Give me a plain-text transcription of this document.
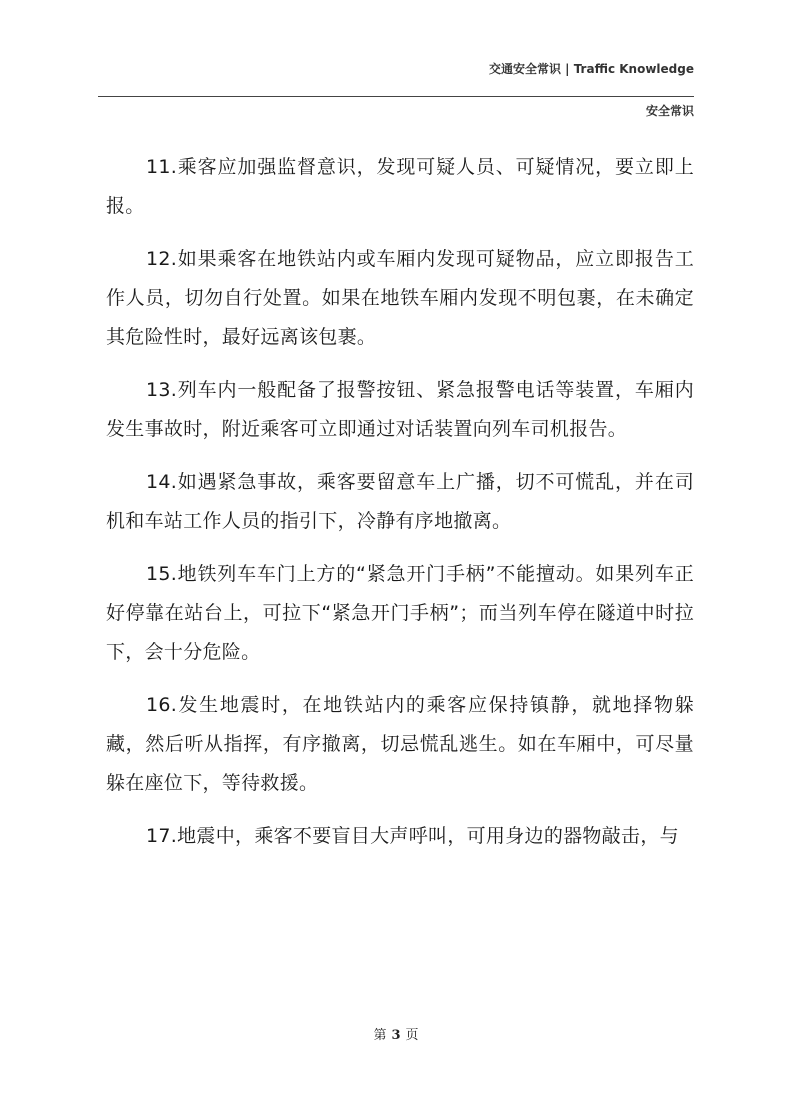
交通安全常识 | Traffic Knowledge
安全常识

11.乘客应加强监督意识，发现可疑人员、可疑情况，要立即上报。

12.如果乘客在地铁站内或车厢内发现可疑物品，应立即报告工作人员，切勿自行处置。如果在地铁车厢内发现不明包裹，在未确定其危险性时，最好远离该包裹。

13.列车内一般配备了报警按钮、紧急报警电话等装置，车厢内发生事故时，附近乘客可立即通过对话装置向列车司机报告。

14.如遇紧急事故，乘客要留意车上广播，切不可慌乱，并在司机和车站工作人员的指引下，冷静有序地撤离。

15.地铁列车车门上方的“紧急开门手柄”不能擅动。如果列车正好停靠在站台上，可拉下“紧急开门手柄”；而当列车停在隧道中时拉下，会十分危险。

16.发生地震时，在地铁站内的乘客应保持镇静，就地择物躲藏，然后听从指挥，有序撤离，切忌慌乱逃生。如在车厢中，可尽量躲在座位下，等待救援。

17.地震中，乘客不要盲目大声呼叫，可用身边的器物敲击，与

第 3 页
